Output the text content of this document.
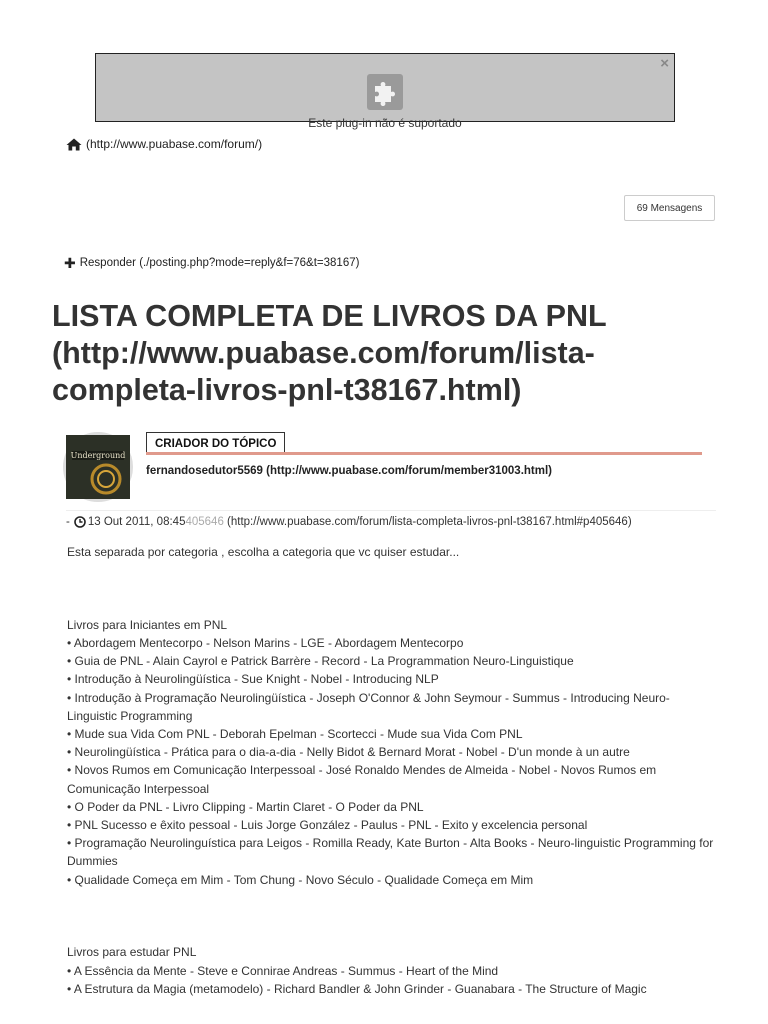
×
Este plug-in não é suportado
(http://www.puabase.com/forum/)
69 Mensagens
✚ Responder (./posting.php?mode=reply&f=76&t=38167)
LISTA COMPLETA DE LIVROS DA PNL (http://www.puabase.com/forum/lista-completa-livros-pnl-t38167.html)
Underground
CRIADOR DO TÓPICO
fernandosedutor5569 (http://www.puabase.com/forum/member31003.html)
- 13 Out 2011, 08:45 405646
(http://www.puabase.com/forum/lista-completa-livros-pnl-t38167.html#p405646)

Esta separada por categoria , escolha a categoria que vc quiser estudar...

Livros para Iniciantes em PNL

• Abordagem Mentecorpo - Nelson Marins - LGE - Abordagem Mentecorpo

• Guia de PNL - Alain Cayrol e Patrick Barrère - Record - La Programmation Neuro-Linguistique

• Introdução à Neurolingüística - Sue Knight - Nobel - Introducing NLP

• Introdução à Programação Neurolingüística - Joseph O'Connor & John Seymour - Summus - Introducing Neuro-Linguistic Programming

• Mude sua Vida Com PNL - Deborah Epelman - Scortecci - Mude sua Vida Com PNL

• Neurolingüística - Prática para o dia-a-dia - Nelly Bidot & Bernard Morat - Nobel - D'un monde à un autre

• Novos Rumos em Comunicação Interpessoal - José Ronaldo Mendes de Almeida - Nobel - Novos Rumos em Comunicação Interpessoal

• O Poder da PNL - Livro Clipping - Martin Claret - O Poder da PNL

• PNL Sucesso e êxito pessoal - Luis Jorge González - Paulus - PNL - Exito y excelencia personal

• Programação Neurolinguística para Leigos - Romilla Ready, Kate Burton - Alta Books - Neuro-linguistic Programming for Dummies

• Qualidade Começa em Mim - Tom Chung - Novo Século - Qualidade Começa em Mim

Livros para estudar PNL

• A Essência da Mente - Steve e Connirae Andreas - Summus - Heart of the Mind

• A Estrutura da Magia (metamodelo) - Richard Bandler & John Grinder - Guanabara - The Structure of Magic
